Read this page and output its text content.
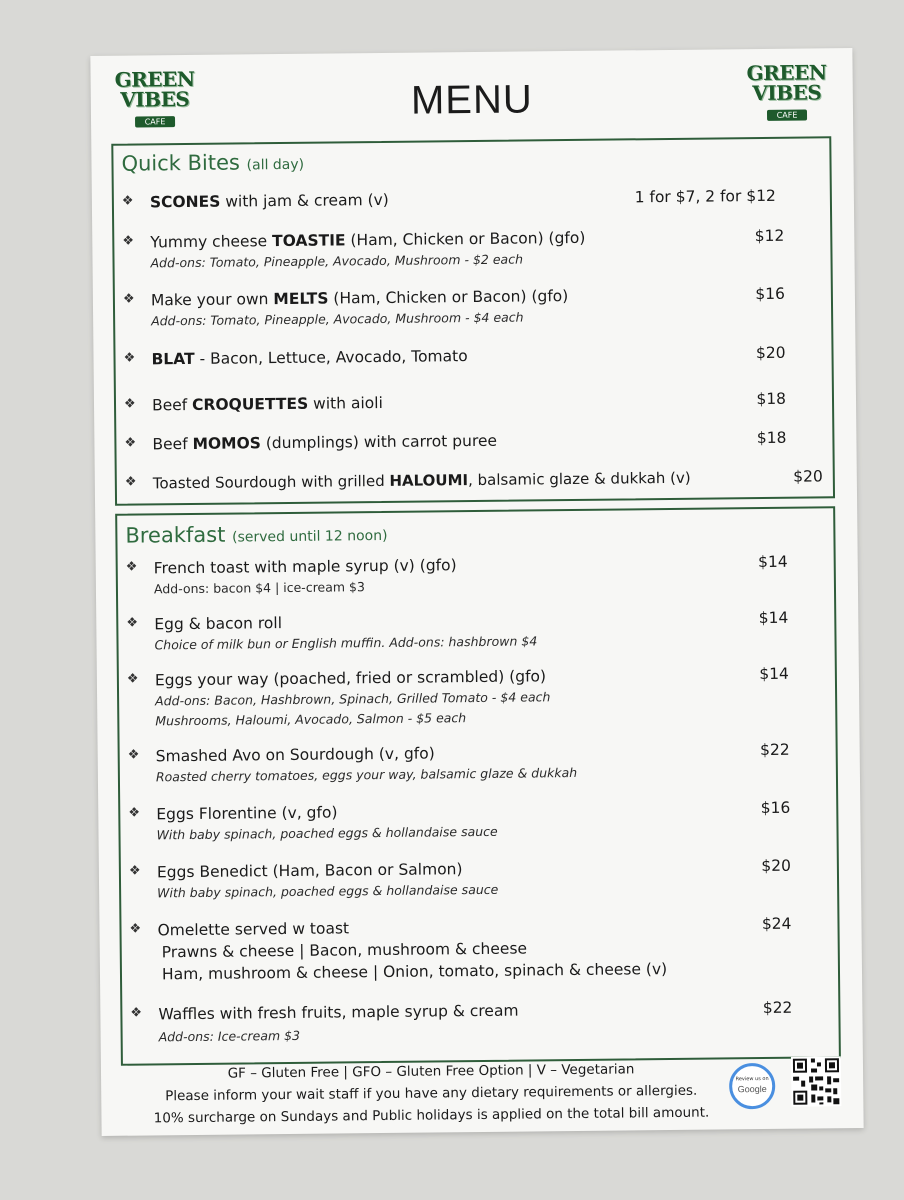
GREEN
VIBES
CAFE	MENU
GREEN
VIBES
CAFE
Quick Bites (all day)
❖ SCONES with jam & cream (v)	1 for $7, 2 for $12
❖ Yummy cheese TOASTIE (Ham, Chicken or Bacon) (gfo)	$12
Add-ons: Tomato, Pineapple, Avocado, Mushroom - $2 each
❖ Make your own MELTS (Ham, Chicken or Bacon) (gfo)	$16
Add-ons: Tomato, Pineapple, Avocado, Mushroom - $4 each
❖ BLAT - Bacon, Lettuce, Avocado, Tomato	$20
❖ Beef CROQUETTES with aioli	$18
❖ Beef MOMOS (dumplings) with carrot puree	$18
❖ Toasted Sourdough with grilled HALOUMI, balsamic glaze & dukkah (v)	$20
Breakfast (served until 12 noon)
❖ French toast with maple syrup (v) (gfo)	$14
Add-ons: bacon $4 | ice-cream $3
❖ Egg & bacon roll	$14
Choice of milk bun or English muffin. Add-ons: hashbrown $4
❖ Eggs your way (poached, fried or scrambled) (gfo)	$14
Add-ons: Bacon, Hashbrown, Spinach, Grilled Tomato - $4 each
Mushrooms, Haloumi, Avocado, Salmon - $5 each
❖ Smashed Avo on Sourdough (v, gfo)	$22
Roasted cherry tomatoes, eggs your way, balsamic glaze & dukkah
❖ Eggs Florentine (v, gfo)	$16
With baby spinach, poached eggs & hollandaise sauce
❖ Eggs Benedict (Ham, Bacon or Salmon)	$20
With baby spinach, poached eggs & hollandaise sauce
❖ Omelette served w toast	$24
Prawns & cheese | Bacon, mushroom & cheese
Ham, mushroom & cheese | Onion, tomato, spinach & cheese (v)
❖ Waffles with fresh fruits, maple syrup & cream	$22
Add-ons: Ice-cream $3
GF – Gluten Free | GFO – Gluten Free Option | V – Vegetarian
Please inform your wait staff if you have any dietary requirements or allergies.
10% surcharge on Sundays and Public holidays is applied on the total bill amount.
Review us on
Google
